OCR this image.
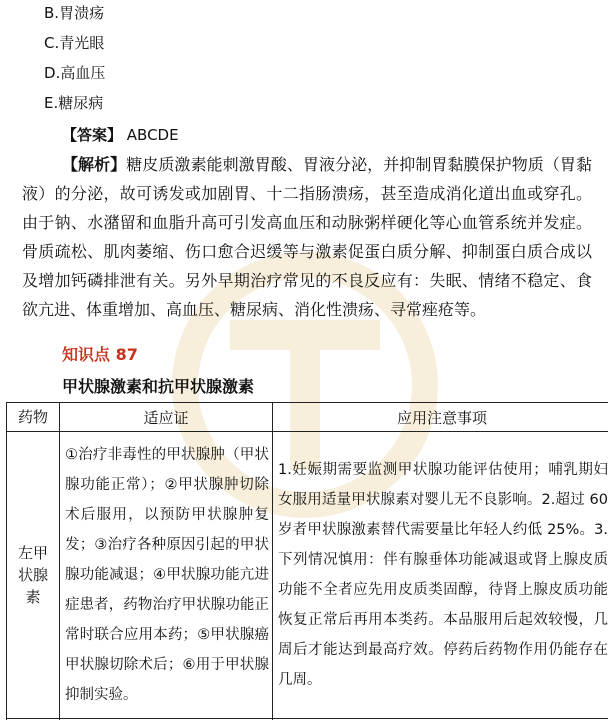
B.胃溃疡
C.青光眼
D.高血压
E.糖尿病
【答案】 ABCDE

【解析】糖皮质激素能刺激胃酸、胃液分泌，并抑制胃黏膜保护物质（胃黏液）的分泌，故可诱发或加剧胃、十二指肠溃疡，甚至造成消化道出血或穿孔。由于钠、水潴留和血脂升高可引发高血压和动脉粥样硬化等心血管系统并发症。骨质疏松、肌肉萎缩、伤口愈合迟缓等与激素促蛋白质分解、抑制蛋白质合成以及增加钙磷排泄有关。另外早期治疗常见的不良反应有：失眠、情绪不稳定、食欲亢进、体重增加、高血压、糖尿病、消化性溃疡、寻常痤疮等。

知识点 87
甲状腺激素和抗甲状腺激素
药物	适应证	应用注意事项

左甲状腺素	①治疗非毒性的甲状腺肿（甲状腺功能正常）；②甲状腺肿切除术后服用，以预防甲状腺肿复发；③治疗各种原因引起的甲状腺功能减退；④甲状腺功能亢进症患者，药物治疗甲状腺功能正常时联合应用本药；⑤甲状腺癌甲状腺切除术后；⑥用于甲状腺抑制实验。	1.妊娠期需要监测甲状腺功能评估使用；哺乳期妇女服用适量甲状腺素对婴儿无不良影响。2.超过 60 岁者甲状腺激素替代需要量比年轻人约低 25%。3.下列情况慎用：伴有腺垂体功能减退或肾上腺皮质功能不全者应先用皮质类固醇，待肾上腺皮质功能恢复正常后再用本类药。本品服用后起效较慢，几周后才能达到最高疗效。停药后药物作用仍能存在几周。
